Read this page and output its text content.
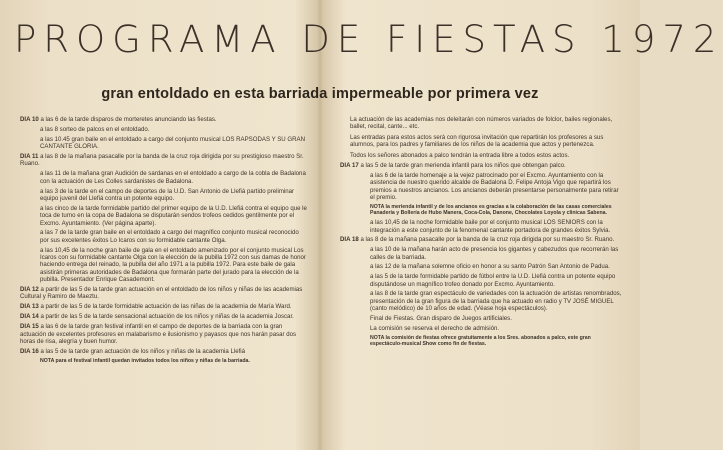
PROGRAMA DE FIESTAS 1972
gran entoldado en esta barriada impermeable por primera vez
DIA 10 a las 6 de la tarde disparos de morteretes anunciando las fiestas.
a las 8 sorteo de palcos en el entoldado.
a las 10.45 gran baile en el entoldado a cargo del conjunto musical LOS RAPSODAS Y SU GRAN CANTANTE GLORIA.
DIA 11 a las 8 de la mañana pasacalle por la banda de la cruz roja dirigida por su prestigioso maestro Sr. Ruano.
a las 11 de la mañana gran Audición de sardanas en el entoldado a cargo de la cobla de Badalona con la actuación de Les Colles sardanistes de Badalona.
a las 3 de la tarde en el campo de deportes de la U.D. San Antonio de Llefiá partido preliminar equipo juvenil del Llefiá contra un potente equipo.
a las cinco de la tarde formidable partido del primer equipo de la U.D. Llefiá contra el equipo que le toca de turno en la copa de Badalona se disputarán sendos trofeos cedidos gentilmente por el Excmo. Ayuntamiento. (Ver página aparte).
a las 7 de la tarde gran baile en el entoldado a cargo del magnífico conjunto musical reconocido por sus excelentes éxitos Lo Icaros con su formidable cantante Olga.
a las 10,45 de la noche gran baile de gala en el entoldado amenizado por el conjunto musical Los Icaros con su formidable cantante Olga con la elección de la pubilla 1972 con sus damas de honor haciendo entrega del reinado, la pubilla del año 1971 a la pubilla 1972. Para este baile de gala asistirán primeras autoridades de Badalona que formarán parte del jurado para la elección de la pubilla. Presentador Enrique Casademont.
DIA 12 a partir de las 5 de la tarde gran actuación en el entoldado de los niños y niñas de las academias Cultural y Ramiro de Maeztu.
DIA 13 a partir de las 5 de la tarde formidable actuación de las niñas de la academia de María Ward.
DIA 14 a partir de las 5 de la tarde sensacional actuación de los niños y niñas de la academia Joscar.
DIA 15 a las 6 de la tarde gran festival infantil en el campo de deportes de la barriada con la gran actuación de excelentes profesores en malabarismo e ilusionismo y payasos que nos harán pasar dos horas de risa, alegría y buen humor.
DIA 16 a las 5 de la tarde gran actuación de los niños y niñas de la academia Llefiá
NOTA para el festival infantil quedan invitados todos los niños y niñas de la barriada.
La actuación de las academias nos deleitarán con números variados de folclor, bailes regionales, ballet, recital, cante... etc.
Las entradas para estos actos será con rigurosa invitación que repartirán los profesores a sus alumnos, para los padres y familiares de los niños de la academia que actos y pertenezca.
Todos los señores abonados a palco tendrán la entrada libre a todos estos actos.
DIA 17 a las 5 de la tarde gran merienda infantil para los niños que obtengan palco.
a las 6 de la tarde homenaje a la vejez patrocinado por el Excmo. Ayuntamiento con la asistencia de nuestro querido alcalde de Badalona D. Felipe Antoja Vigo que repartirá los premios a nuestros ancianos. Los ancianos deberán presentarse personalmente para retirar el premio.
NOTA la merienda infantil y de los ancianos es gracias a la colaboración de las casas comerciales Panadería y Bollería de Hubo Manera, Coca-Cola, Danone, Chocolates Loyola y clinicas Sabena.
a las 10,45 de la noche formidable baile por el conjunto musical LOS SENIORS con la integración a este conjunto de la fenomenal cantante portadora de grandes éxitos Sylvia.
DIA 18 a las 8 de la mañana pasacalle por la banda de la cruz roja dirigida por su maestro Sr. Ruano.
a las 10 de la mañana harán acto de presencia los gigantes y cabezudos que recorrerán las calles de la barriada.
a las 12 de la mañana solemne oficio en honor a su santo Patrón San Antonio de Padua.
a las 5 de la tarde formidable partido de fútbol entre la U.D. Llefiá contra un potente equipo disputándose un magnífico trofeo donado por Excmo. Ayuntamiento.
a las 8 de la tarde gran espectáculo de variedades con la actuación de artistas renombrados, presentación de la gran figura de la barriada que ha actuado en radio y TV JOSÉ MIGUEL (canto melódico) de 10 años de edad. (Véase hoja espectáculos).
Final de Fiestas. Gran disparo de Juegos artificiales.
La comisión se reserva el derecho de admisión.
NOTA la comisión de fiestas ofrece gratuitamente a los Sres. abonados a palco, este gran espectáculo-musical Show como fin de fiestas.
